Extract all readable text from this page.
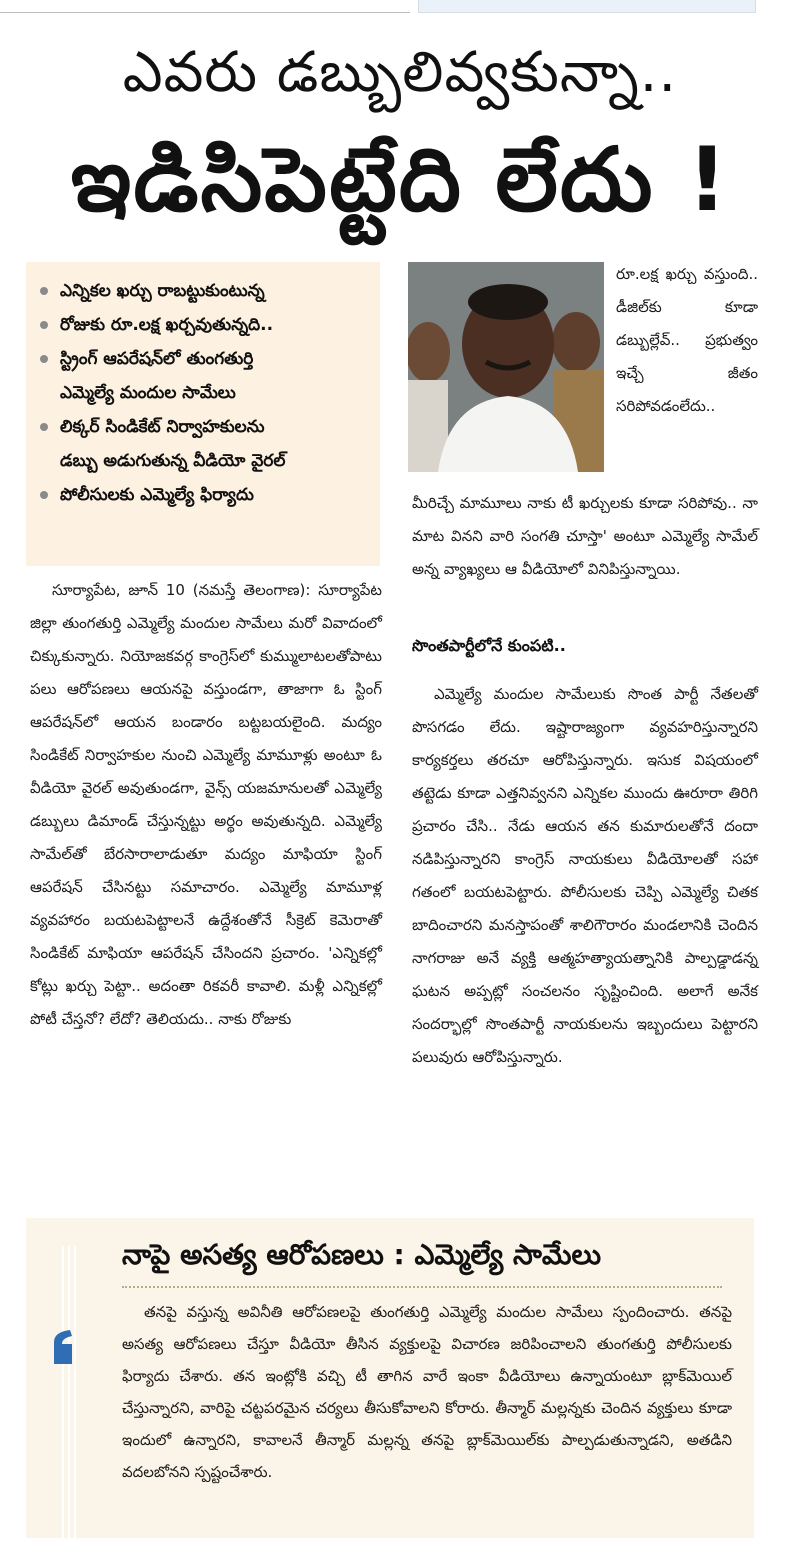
ఎవరు డబ్బులివ్వకున్నా..
ఇడిసిపెట్టేది లేదు !
ఎన్నికల ఖర్చు రాబట్టుకుంటున్న
రోజుకు రూ.లక్ష ఖర్చవుతున్నది..
స్ట్రింగ్ ఆపరేషన్‌లో తుంగతుర్తి
ఎమ్మెల్యే మందుల సామేలు
లిక్కర్ సిండికేట్ నిర్వాహకులను
డబ్బు అడుగుతున్న వీడియో వైరల్
పోలీసులకు ఎమ్మెల్యే ఫిర్యాదు
రూ.లక్ష ఖర్చు వస్తుంది.. డీజిల్‌కు కూడా డబ్బుల్లేవ్.. ప్రభుత్వం ఇచ్చే జీతం సరిపోవడంలేదు..
మీరిచ్చే మామూలు నాకు టీ ఖర్చులకు కూడా సరిపోవు.. నా మాట వినని వారి సంగతి చూస్తా' అంటూ ఎమ్మెల్యే సామేల్ అన్న వ్యాఖ్యలు ఆ వీడియోలో వినిపిస్తున్నాయి.
సూర్యాపేట, జూన్ 10 (నమస్తే తెలంగాణ): సూర్యాపేట జిల్లా తుంగతుర్తి ఎమ్మెల్యే మందుల సామేలు మరో వివాదంలో చిక్కుకున్నారు. నియోజకవర్గ కాంగ్రెస్‌లో కుమ్ములాటలతోపాటు పలు ఆరోపణలు ఆయనపై వస్తుండగా, తాజాగా ఓ స్టింగ్ ఆపరేషన్‌లో ఆయన బండారం బట్టబయలైంది. మద్యం సిండికేట్ నిర్వాహకుల నుంచి ఎమ్మెల్యే మామూళ్లు అంటూ ఓ వీడియో వైరల్ అవుతుండగా, వైన్స్ యజమానులతో ఎమ్మెల్యే డబ్బులు డిమాండ్ చేస్తున్నట్టు అర్థం అవుతున్నది. ఎమ్మెల్యే సామేల్‌తో బేరసారాలాడుతూ మద్యం మాఫియా స్టింగ్ ఆపరేషన్ చేసినట్టు సమాచారం. ఎమ్మెల్యే మామూళ్ల వ్యవహారం బయటపెట్టాలనే ఉద్దేశంతోనే సీక్రెట్ కెమెరాతో సిండికేట్ మాఫియా ఆపరేషన్ చేసిందని ప్రచారం. 'ఎన్నికల్లో కోట్లు ఖర్చు పెట్టా.. అదంతా రికవరీ కావాలి. మళ్లీ ఎన్నికల్లో పోటీ చేస్తనో? లేదో? తెలియదు.. నాకు రోజుకు
సొంతపార్టీలోనే కుంపటి..
ఎమ్మెల్యే మందుల సామేలుకు సొంత పార్టీ నేతలతో పొసగడం లేదు. ఇష్టారాజ్యంగా వ్యవహరిస్తున్నారని కార్యకర్తలు తరచూ ఆరోపిస్తున్నారు. ఇసుక విషయంలో తట్టెడు కూడా ఎత్తనివ్వనని ఎన్నికల ముందు ఊరూరా తిరిగి ప్రచారం చేసి.. నేడు ఆయన తన కుమారులతోనే దందా నడిపిస్తున్నారని కాంగ్రెస్ నాయకులు వీడియోలతో సహా గతంలో బయటపెట్టారు. పోలీసులకు చెప్పి ఎమ్మెల్యే చితక బాదించారని మనస్తాపంతో శాలిగౌరారం మండలానికి చెందిన నాగరాజు అనే వ్యక్తి ఆత్మహత్యాయత్నానికి పాల్పడ్డాడన్న ఘటన అప్పట్లో సంచలనం సృష్టించింది. అలాగే అనేక సందర్భాల్లో సొంతపార్టీ నాయకులను ఇబ్బందులు పెట్టారని పలువురు ఆరోపిస్తున్నారు.
నాపై అసత్య ఆరోపణలు : ఎమ్మెల్యే సామేలు
తనపై వస్తున్న అవినీతి ఆరోపణలపై తుంగతుర్తి ఎమ్మెల్యే మందుల సామేలు స్పందించారు. తనపై అసత్య ఆరోపణలు చేస్తూ వీడియో తీసిన వ్యక్తులపై విచారణ జరిపించాలని తుంగతుర్తి పోలీసులకు ఫిర్యాదు చేశారు. తన ఇంట్లోకి వచ్చి టీ తాగిన వారే ఇంకా వీడియోలు ఉన్నాయంటూ బ్లాక్‌మెయిల్ చేస్తున్నారని, వారిపై చట్టపరమైన చర్యలు తీసుకోవాలని కోరారు. తీన్మార్ మల్లన్నకు చెందిన వ్యక్తులు కూడా ఇందులో ఉన్నారని, కావాలనే తీన్మార్ మల్లన్న తనపై బ్లాక్‌మెయిల్‌కు పాల్పడుతున్నాడని, అతడిని వదలబోనని స్పష్టంచేశారు.
